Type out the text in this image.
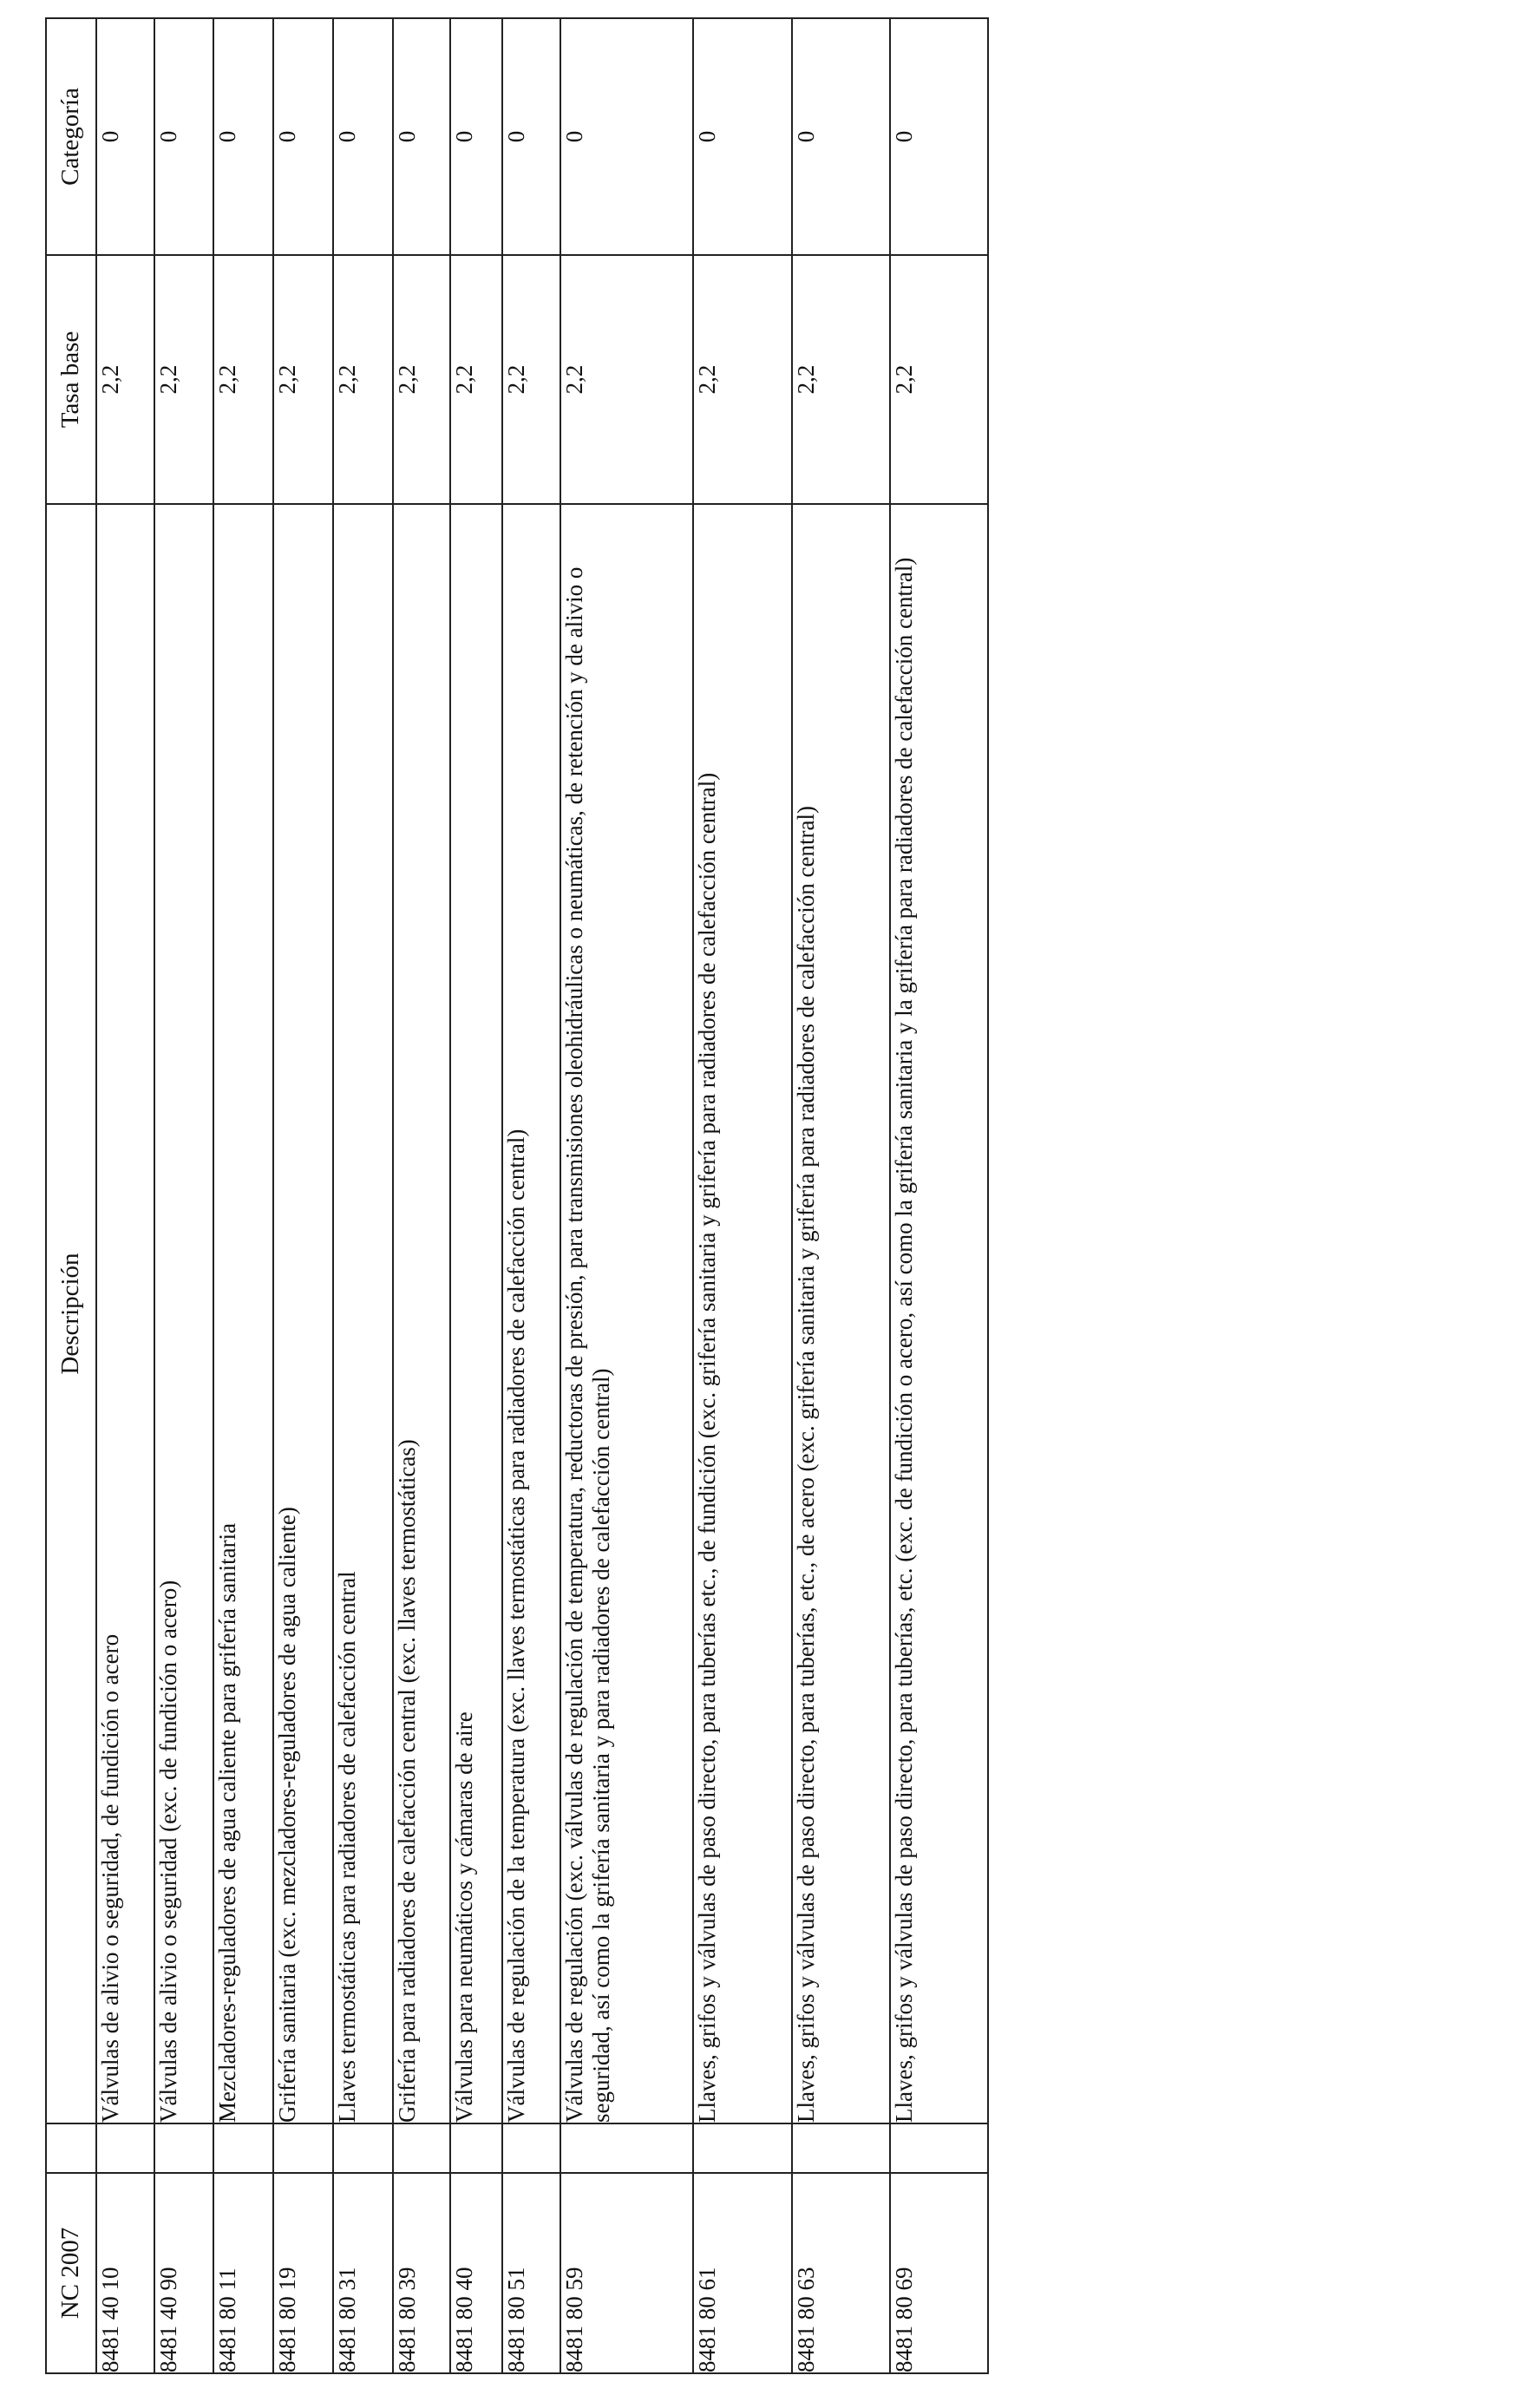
NC 2007		Descripción	Tasa base	Categoría
8481 40 10		Válvulas de alivio o seguridad, de fundición o acero	2,2	0
8481 40 90		Válvulas de alivio o seguridad (exc. de fundición o acero)	2,2	0
8481 80 11		Mezcladores-reguladores de agua caliente para grifería sanitaria	2,2	0
8481 80 19		Grifería sanitaria (exc. mezcladores-reguladores de agua caliente)	2,2	0
8481 80 31		Llaves termostáticas para radiadores de calefacción central	2,2	0
8481 80 39		Grifería para radiadores de calefacción central (exc. llaves termostáticas)	2,2	0
8481 80 40		Válvulas para neumáticos y cámaras de aire	2,2	0
8481 80 51		Válvulas de regulación de la temperatura (exc. llaves termostáticas para radiadores de calefacción central)	2,2	0
8481 80 59		Válvulas de regulación (exc. válvulas de regulación de temperatura, reductoras de presión, para transmisiones oleohidráulicas o neumáticas, de retención y de alivio o seguridad, así como la grifería sanitaria y para radiadores de calefacción central)	2,2	0
8481 80 61		Llaves, grifos y válvulas de paso directo, para tuberías etc., de fundición (exc. grifería sanitaria y grifería para radiadores de calefacción central)	2,2	0
8481 80 63		Llaves, grifos y válvulas de paso directo, para tuberías, etc., de acero (exc. grifería sanitaria y grifería para radiadores de calefacción central)	2,2	0
8481 80 69		Llaves, grifos y válvulas de paso directo, para tuberías, etc. (exc. de fundición o acero, así como la grifería sanitaria y la grifería para radiadores de calefacción central)	2,2	0
